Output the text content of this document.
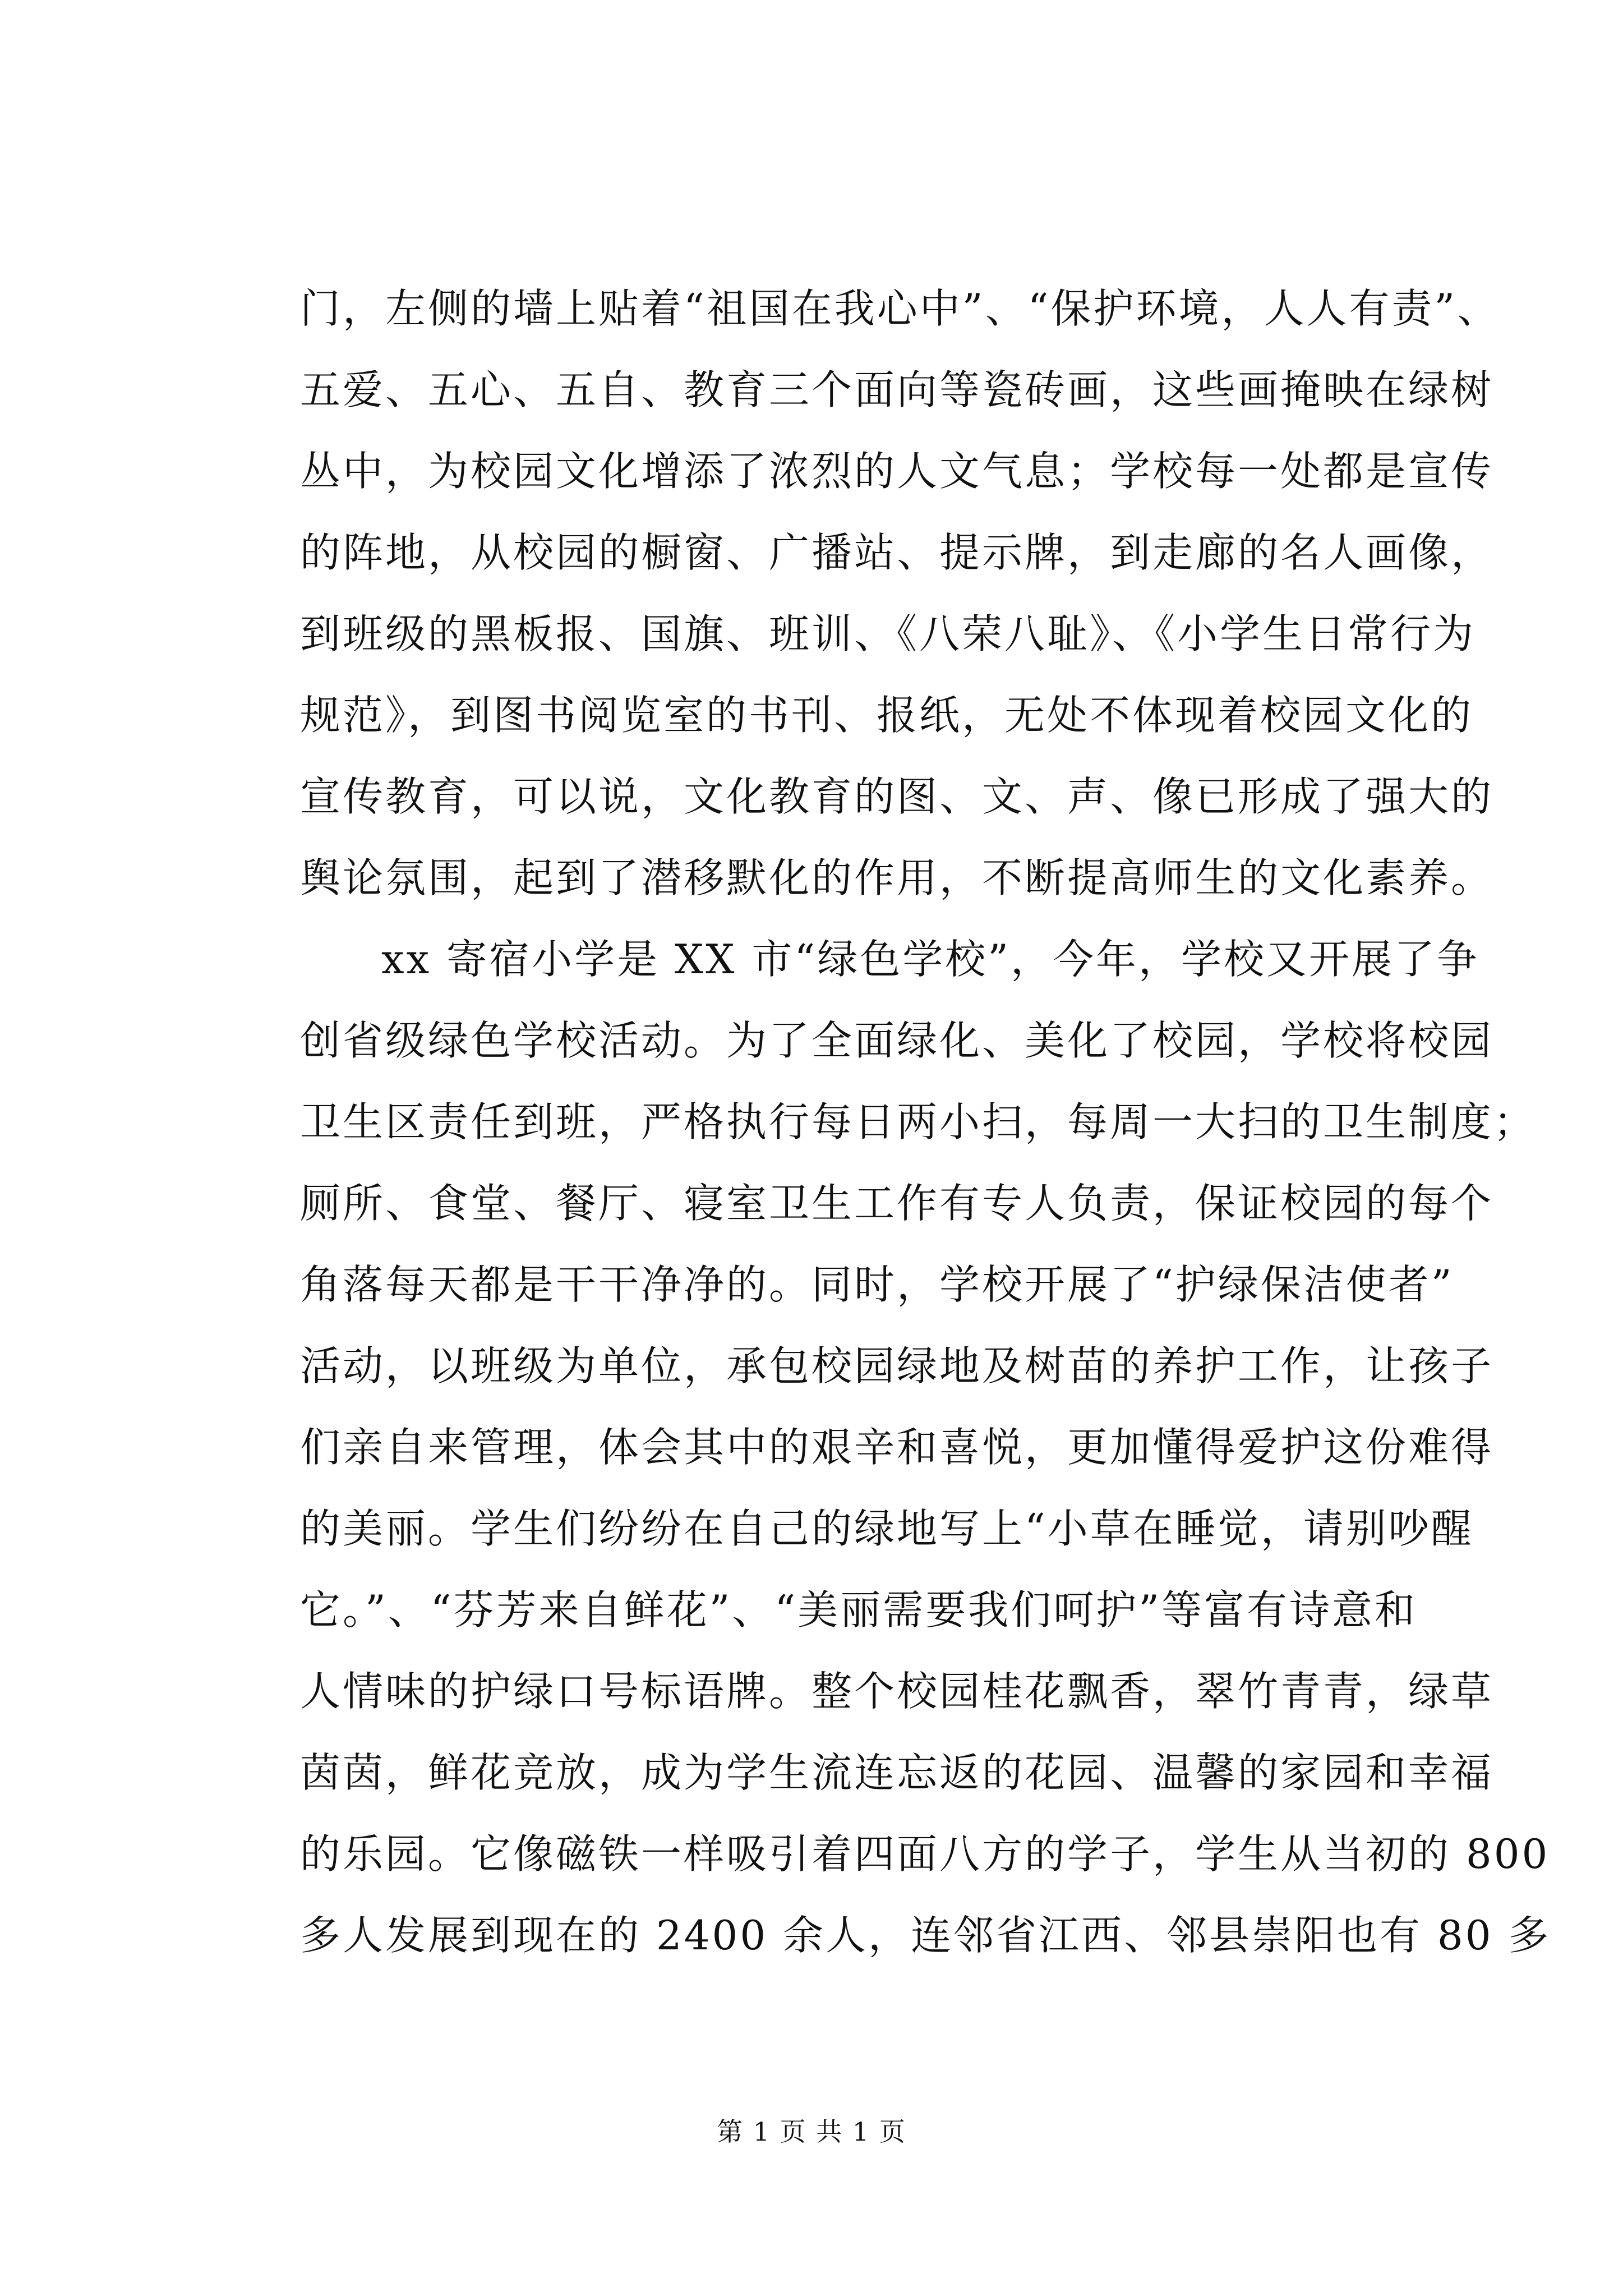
门，左侧的墙上贴着“祖国在我心中”、“保护环境，人人有责”、
五爱、五心、五自、教育三个面向等瓷砖画，这些画掩映在绿树
丛中，为校园文化增添了浓烈的人文气息；学校每一处都是宣传
的阵地，从校园的橱窗、广播站、提示牌，到走廊的名人画像，
到班级的黑板报、国旗、班训、《八荣八耻》、《小学生日常行为
规范》，到图书阅览室的书刊、报纸，无处不体现着校园文化的
宣传教育，可以说，文化教育的图、文、声、像已形成了强大的
舆论氛围，起到了潜移默化的作用，不断提高师生的文化素养。
xx 寄宿小学是 XX 市“绿色学校”，今年，学校又开展了争
创省级绿色学校活动。为了全面绿化、美化了校园，学校将校园
卫生区责任到班，严格执行每日两小扫，每周一大扫的卫生制度；
厕所、食堂、餐厅、寝室卫生工作有专人负责，保证校园的每个
角落每天都是干干净净的。同时，学校开展了“护绿保洁使者”
活动，以班级为单位，承包校园绿地及树苗的养护工作，让孩子
们亲自来管理，体会其中的艰辛和喜悦，更加懂得爱护这份难得
的美丽。学生们纷纷在自己的绿地写上“小草在睡觉，请别吵醒
它。”、“芬芳来自鲜花”、“美丽需要我们呵护”等富有诗意和
人情味的护绿口号标语牌。整个校园桂花飘香，翠竹青青，绿草
茵茵，鲜花竞放，成为学生流连忘返的花园、温馨的家园和幸福
的乐园。它像磁铁一样吸引着四面八方的学子，学生从当初的 800
多人发展到现在的 2400 余人，连邻省江西、邻县崇阳也有 80 多
第 1 页 共 1 页
